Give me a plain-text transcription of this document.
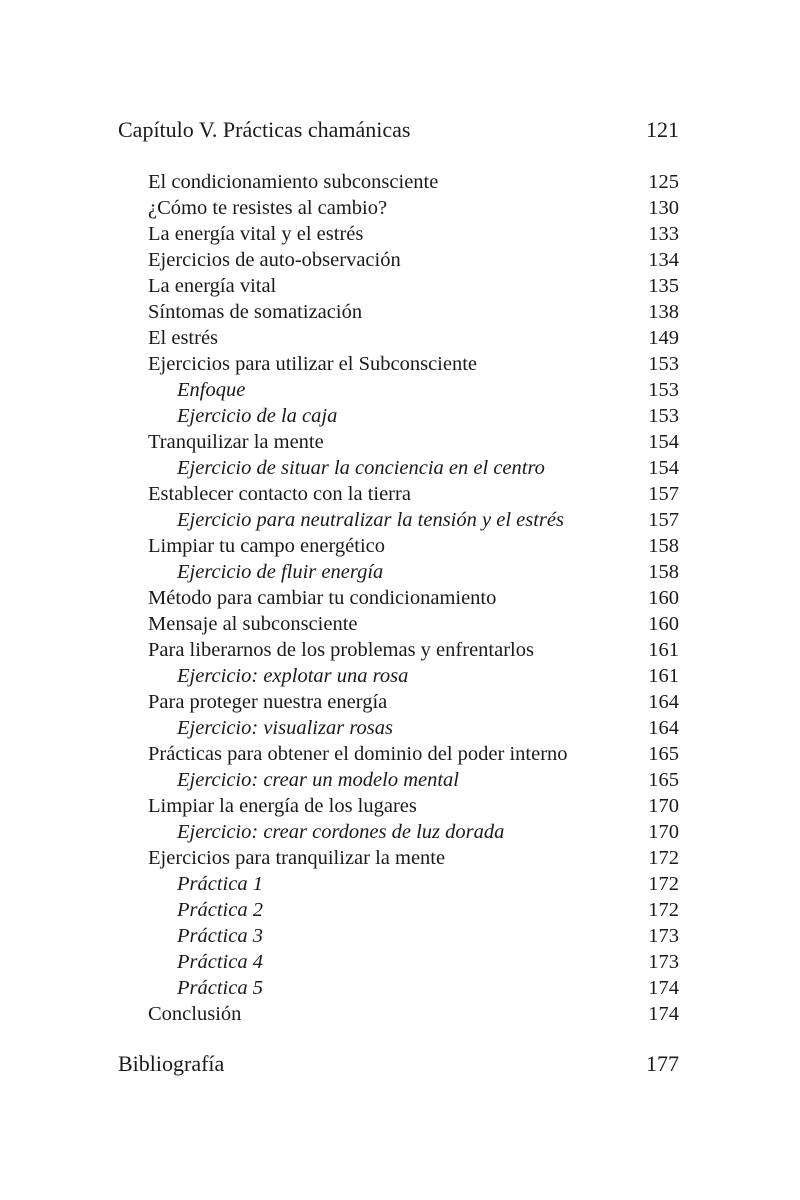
Capítulo V. Prácticas chamánicas	121
El condicionamiento subconsciente	125
¿Cómo te resistes al cambio?	130
La energía vital y el estrés	133
Ejercicios de auto-observación	134
La energía vital	135
Síntomas de somatización	138
El estrés	149
Ejercicios para utilizar el Subconsciente	153
Enfoque	153
Ejercicio de la caja	153
Tranquilizar la mente	154
Ejercicio de situar la conciencia en el centro	154
Establecer contacto con la tierra	157
Ejercicio para neutralizar la tensión y el estrés	157
Limpiar tu campo energético	158
Ejercicio de fluir energía	158
Método para cambiar tu condicionamiento	160
Mensaje al subconsciente	160
Para liberarnos de los problemas y enfrentarlos	161
Ejercicio: explotar una rosa	161
Para proteger nuestra energía	164
Ejercicio: visualizar rosas	164
Prácticas para obtener el dominio del poder interno	165
Ejercicio: crear un modelo mental	165
Limpiar la energía de los lugares	170
Ejercicio: crear cordones de luz dorada	170
Ejercicios para tranquilizar la mente	172
Práctica 1	172
Práctica 2	172
Práctica 3	173
Práctica 4	173
Práctica 5	174
Conclusión	174
Bibliografía	177
